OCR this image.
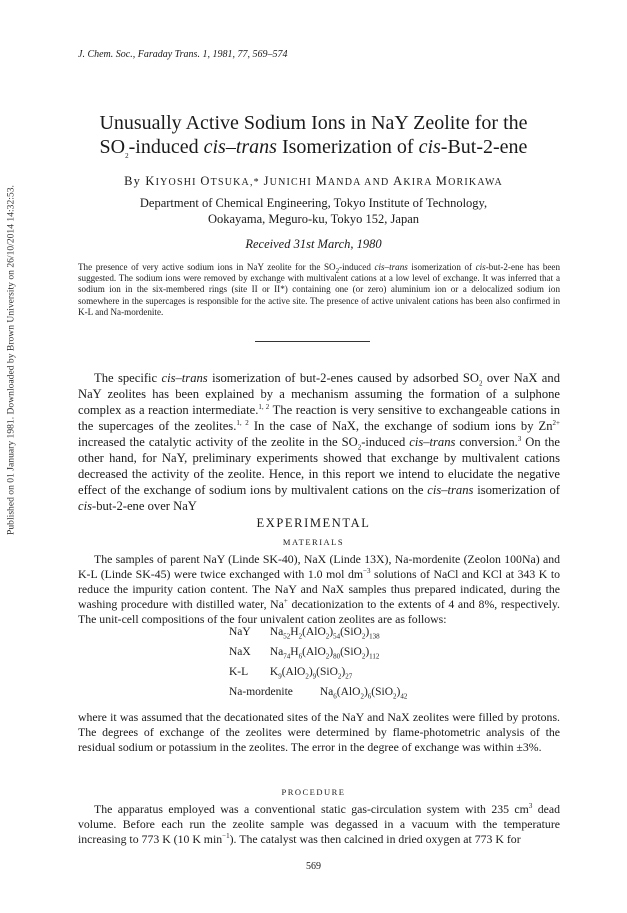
Published on 01 January 1981. Downloaded by Brown University on 26/10/2014 14:32:53.
J. Chem. Soc., Faraday Trans. 1, 1981, 77, 569–574
Unusually Active Sodium Ions in NaY Zeolite for the
$SO_2$-induced cis–trans Isomerization of cis-But-2-ene
By KIYOSHI OTSUKA,* JUNICHI MANDA AND AKIRA MORIKAWA
Department of Chemical Engineering, Tokyo Institute of Technology,
Ookayama, Meguro-ku, Tokyo 152, Japan
Received 31st March, 1980
The presence of very active sodium ions in NaY zeolite for the $SO_2$-induced cis–trans isomerization of cis-but-2-ene has been suggested. The sodium ions were removed by exchange with multivalent cations at a low level of exchange. It was inferred that a sodium ion in the six-membered rings (site II or II*) containing one (or zero) aluminium ion or a delocalized sodium ion somewhere in the supercages is responsible for the active site. The presence of active univalent cations has been also confirmed in K-L and Na-mordenite.

The specific cis–trans isomerization of but-2-enes caused by adsorbed $SO_2$ over NaX and NaY zeolites has been explained by a mechanism assuming the formation of a sulphone complex as a reaction intermediate.$^{1, 2}$ The reaction is very sensitive to exchangeable cations in the supercages of the zeolites.$^{1, 2}$ In the case of NaX, the exchange of sodium ions by $Zn^{2+}$ increased the catalytic activity of the zeolite in the $SO_2$-induced cis–trans conversion.$^3$ On the other hand, for NaY, preliminary experiments showed that exchange by multivalent cations decreased the activity of the zeolite. Hence, in this report we intend to elucidate the negative effect of the exchange of sodium ions by multivalent cations on the cis–trans isomerization of cis-but-2-ene over NaY

EXPERIMENTAL
MATERIALS

The samples of parent NaY (Linde SK-40), NaX (Linde 13X), Na-mordenite (Zeolon 100Na) and K-L (Linde SK-45) were twice exchanged with 1.0 mol $dm^{-3}$ solutions of NaCl and KCl at 343 K to reduce the impurity cation content. The NaY and NaX samples thus prepared indicated, during the washing procedure with distilled water, Na+ decationization to the extents of 4 and 8%, respectively. The unit-cell compositions of the four univalent cation zeolites are as follows:

NaY $Na_{52}H_2(AlO_2)_{54}(SiO_2)_{138}$
NaX $Na_{74}H_6(AlO_2)_{80}(SiO_2)_{112}$
K-L $K_9(AlO_2)_9(SiO_2)_{27}$
Na-mordenite $Na_6(AlO_2)_6(SiO_2)_{42}$

where it was assumed that the decationated sites of the NaY and NaX zeolites were filled by protons. The degrees of exchange of the zeolites were determined by flame-photometric analysis of the residual sodium or potassium in the zeolites. The error in the degree of exchange was within ±3%.

PROCEDURE

The apparatus employed was a conventional static gas-circulation system with 235 $cm^3$ dead volume. Before each run the zeolite sample was degassed in a vacuum with the temperature increasing to 773 K (10 K $\min^{-1}$). The catalyst was then calcined in dried oxygen at 773 K for

569
